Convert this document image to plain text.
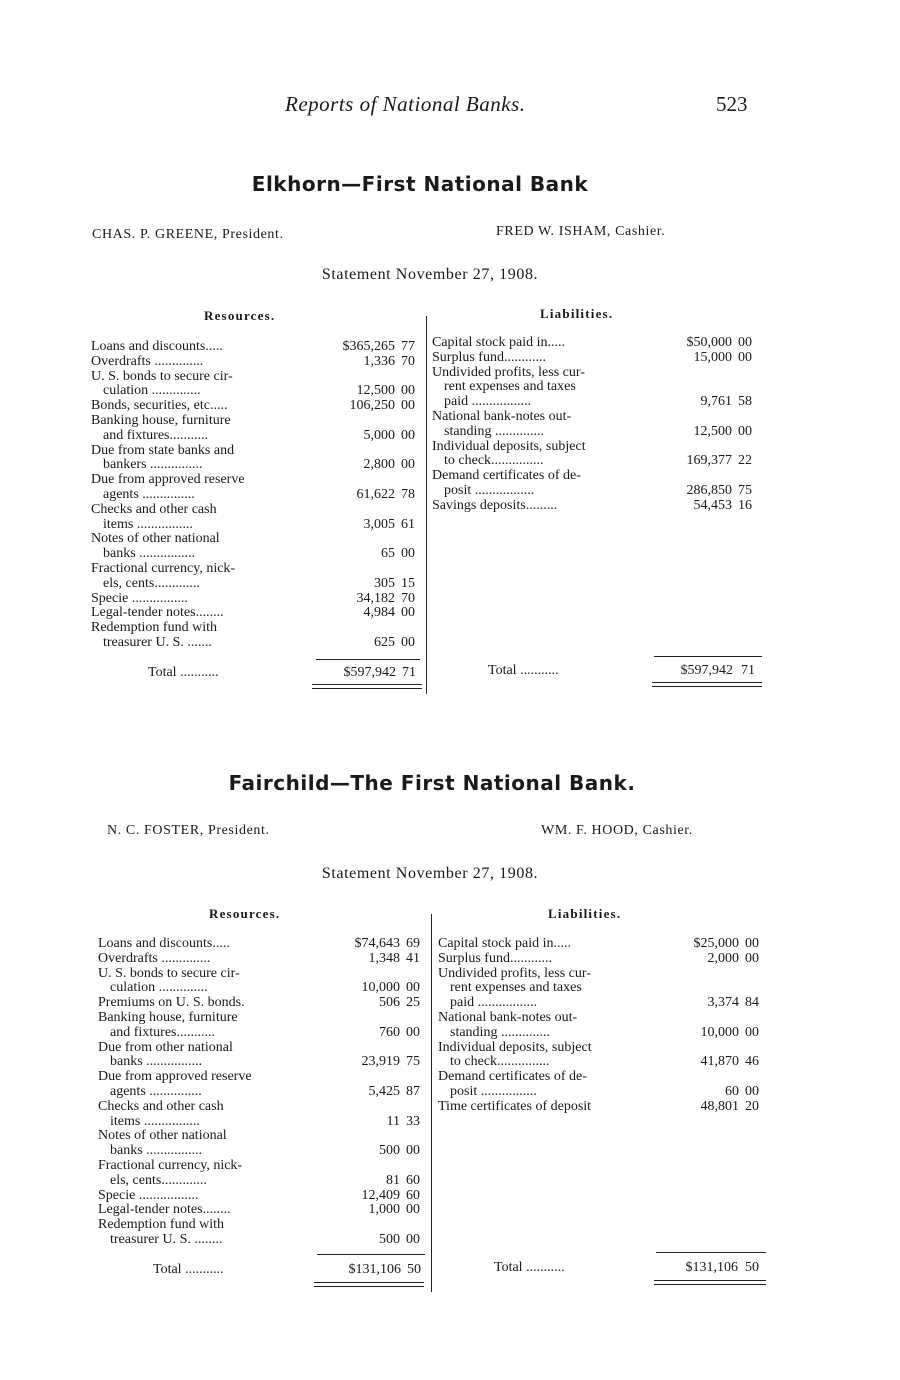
Reports of National Banks.	523
Elkhorn—First National Bank
CHAS. P. GREENE, President.	FRED W. ISHAM, Cashier.
Statement November 27, 1908.
Resources.	Liabilities.
Loans and discounts.....	$365,265 77
Overdrafts ..............	1,336 70
U. S. bonds to secure cir-
culation ..............	12,500 00
Bonds, securities, etc.....	106,250 00
Banking house, furniture
and fixtures...........	5,000 00
Due from state banks and
bankers ...............	2,800 00
Due from approved reserve
agents ...............	61,622 78
Checks and other cash
items ................	3,005 61
Notes of other national
banks ................	65 00
Fractional currency, nick-
els, cents.............	305 15
Specie ................	34,182 70
Legal-tender notes........	4,984 00
Redemption fund with
treasurer U. S. .......	625 00
Capital stock paid in.....	$50,000 00
Surplus fund............	15,000 00
Undivided profits, less cur-
rent expenses and taxes
paid .................	9,761 58
National bank-notes out-
standing ..............	12,500 00
Individual deposits, subject
to check...............	169,377 22
Demand certificates of de-
posit .................	286,850 75
Savings deposits.........	54,453 16
Total ...........	$597,942 71	Total ...........	$597,942 71
Fairchild—The First National Bank.
N. C. FOSTER, President.	WM. F. HOOD, Cashier.
Statement November 27, 1908.
Resources.	Liabilities.
Loans and discounts.....	$74,643 69
Overdrafts ..............	1,348 41
U. S. bonds to secure cir-
culation ..............	10,000 00
Premiums on U. S. bonds.	506 25
Banking house, furniture
and fixtures...........	760 00
Due from other national
banks ................	23,919 75
Due from approved reserve
agents ...............	5,425 87
Checks and other cash
items ................	11 33
Notes of other national
banks ................	500 00
Fractional currency, nick-
els, cents.............	81 60
Specie .................	12,409 60
Legal-tender notes........	1,000 00
Redemption fund with
treasurer U. S. ........	500 00
Capital stock paid in.....	$25,000 00
Surplus fund............	2,000 00
Undivided profits, less cur-
rent expenses and taxes
paid .................	3,374 84
National bank-notes out-
standing ..............	10,000 00
Individual deposits, subject
to check...............	41,870 46
Demand certificates of de-
posit ................	60 00
Time certificates of deposit	48,801 20
Total ...........	$131,106 50	Total ...........	$131,106 50
